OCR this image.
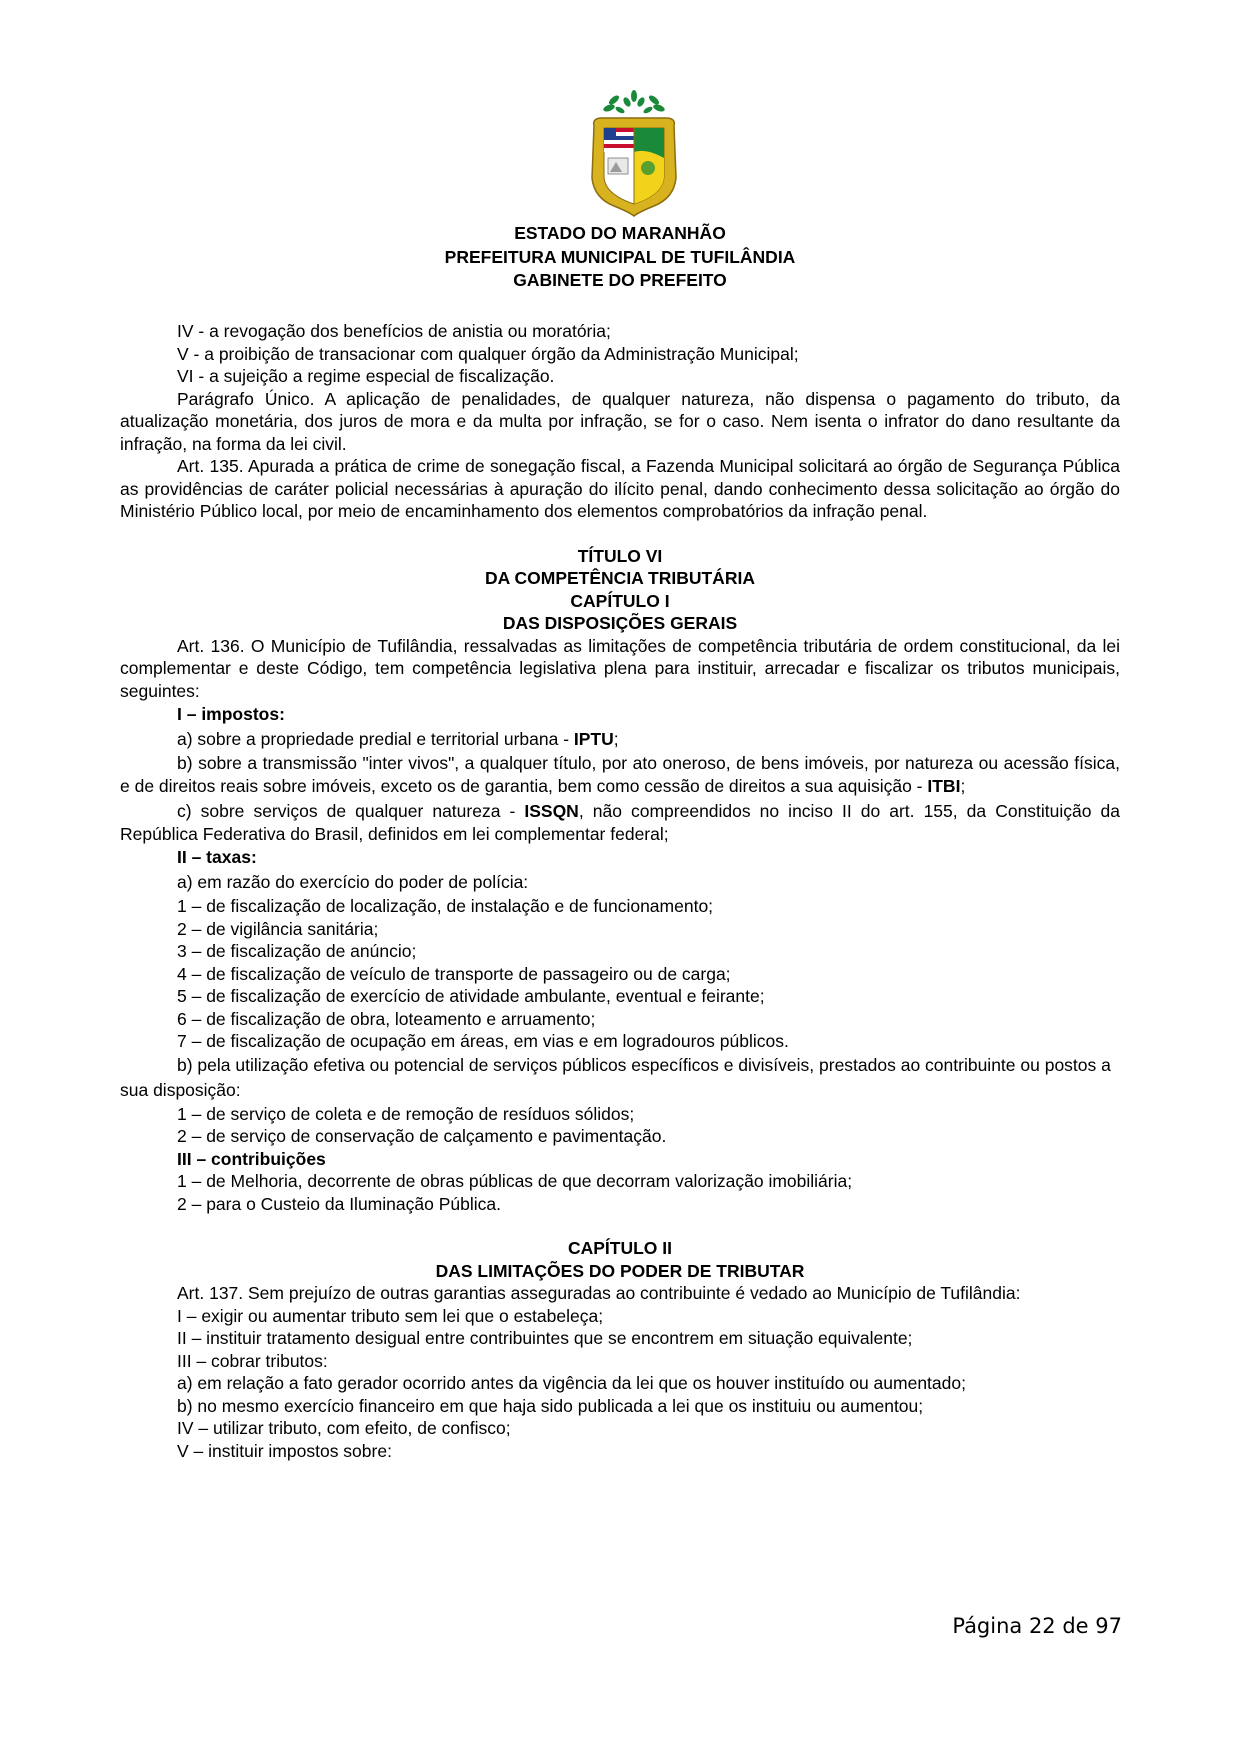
ESTADO DO MARANHÃO
PREFEITURA MUNICIPAL DE TUFILÂNDIA
GABINETE DO PREFEITO

IV - a revogação dos benefícios de anistia ou moratória;

V - a proibição de transacionar com qualquer órgão da Administração Municipal;

VI - a sujeição a regime especial de fiscalização.

Parágrafo Único. A aplicação de penalidades, de qualquer natureza, não dispensa o pagamento do tributo, da atualização monetária, dos juros de mora e da multa por infração, se for o caso. Nem isenta o infrator do dano resultante da infração, na forma da lei civil.

Art. 135. Apurada a prática de crime de sonegação fiscal, a Fazenda Municipal solicitará ao órgão de Segurança Pública as providências de caráter policial necessárias à apuração do ilícito penal, dando conhecimento dessa solicitação ao órgão do Ministério Público local, por meio de encaminhamento dos elementos comprobatórios da infração penal.

TÍTULO VI

DA COMPETÊNCIA TRIBUTÁRIA

CAPÍTULO I

DAS DISPOSIÇÕES GERAIS

Art. 136. O Município de Tufilândia, ressalvadas as limitações de competência tributária de ordem constitucional, da lei complementar e deste Código, tem competência legislativa plena para instituir, arrecadar e fiscalizar os tributos municipais, seguintes:

I – impostos:

a) sobre a propriedade predial e territorial urbana - IPTU;

b) sobre a transmissão "inter vivos", a qualquer título, por ato oneroso, de bens imóveis, por natureza ou acessão física, e de direitos reais sobre imóveis, exceto os de garantia, bem como cessão de direitos a sua aquisição - ITBI;

c) sobre serviços de qualquer natureza - ISSQN, não compreendidos no inciso II do art. 155, da Constituição da República Federativa do Brasil, definidos em lei complementar federal;

II – taxas:

a) em razão do exercício do poder de polícia:

1 – de fiscalização de localização, de instalação e de funcionamento;

2 – de vigilância sanitária;

3 – de fiscalização de anúncio;

4 – de fiscalização de veículo de transporte de passageiro ou de carga;

5 – de fiscalização de exercício de atividade ambulante, eventual e feirante;

6 – de fiscalização de obra, loteamento e arruamento;

7 – de fiscalização de ocupação em áreas, em vias e em logradouros públicos.

b) pela utilização efetiva ou potencial de serviços públicos específicos e divisíveis, prestados ao contribuinte ou postos a sua disposição:

1 – de serviço de coleta e de remoção de resíduos sólidos;

2 – de serviço de conservação de calçamento e pavimentação.

III – contribuições

1 – de Melhoria, decorrente de obras públicas de que decorram valorização imobiliária;

2 – para o Custeio da Iluminação Pública.

CAPÍTULO II

DAS LIMITAÇÕES DO PODER DE TRIBUTAR

Art. 137. Sem prejuízo de outras garantias asseguradas ao contribuinte é vedado ao Município de Tufilândia:

I – exigir ou aumentar tributo sem lei que o estabeleça;

II – instituir tratamento desigual entre contribuintes que se encontrem em situação equivalente;

III – cobrar tributos:

a) em relação a fato gerador ocorrido antes da vigência da lei que os houver instituído ou aumentado;

b) no mesmo exercício financeiro em que haja sido publicada a lei que os instituiu ou aumentou;

IV – utilizar tributo, com efeito, de confisco;

V – instituir impostos sobre:

Página 22 de 97
